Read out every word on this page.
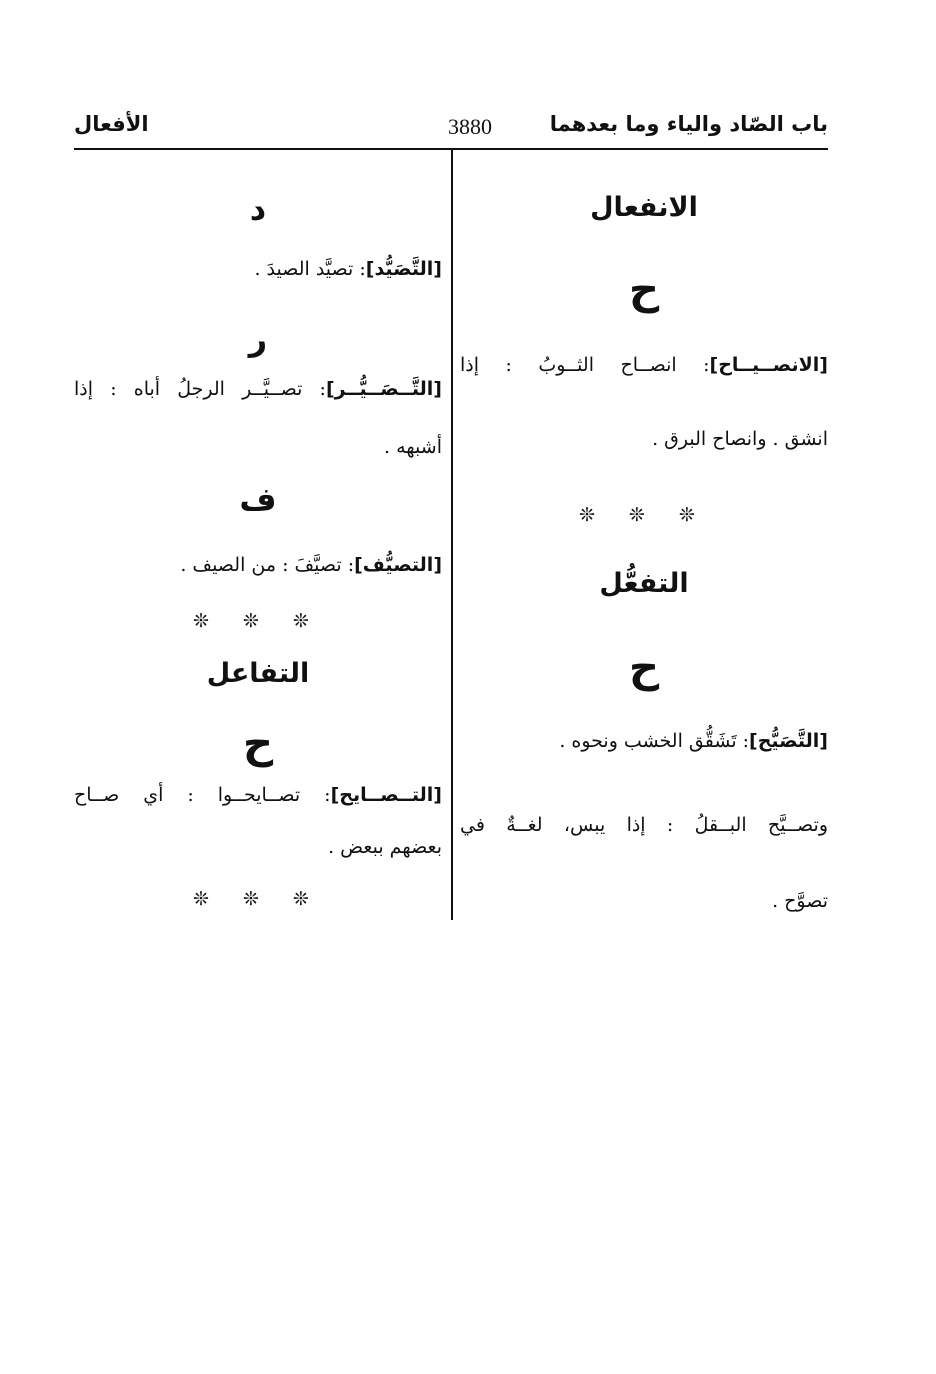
باب الصّاد والياء وما بعدهما
3880
الأفعال
الانفعال
ح
[الانصــيــاح]: انصــاح الثــوبُ : إذا
انشق . وانصاح البرق .
❊ ❊ ❊
التفعُّل
ح
[التَّصَيُّح]: تَشَقُّق الخشب ونحوه .
وتصــيَّح البــقلُ : إذا يبس، لغــةٌ في
تصوَّح .
د
[التَّصَيُّد]: تصيَّد الصيدَ .
ر
[التَّــصَــيُّــر]: تصــيَّــر الرجلُ أباه : إذا
أشبهه .
ف
[التصيُّف]: تصيَّفَ : من الصيف .
❊ ❊ ❊
التفاعل
ح
[التــصــايح]: تصــايحــوا : أي صــاح
بعضهم ببعض .
❊ ❊ ❊
